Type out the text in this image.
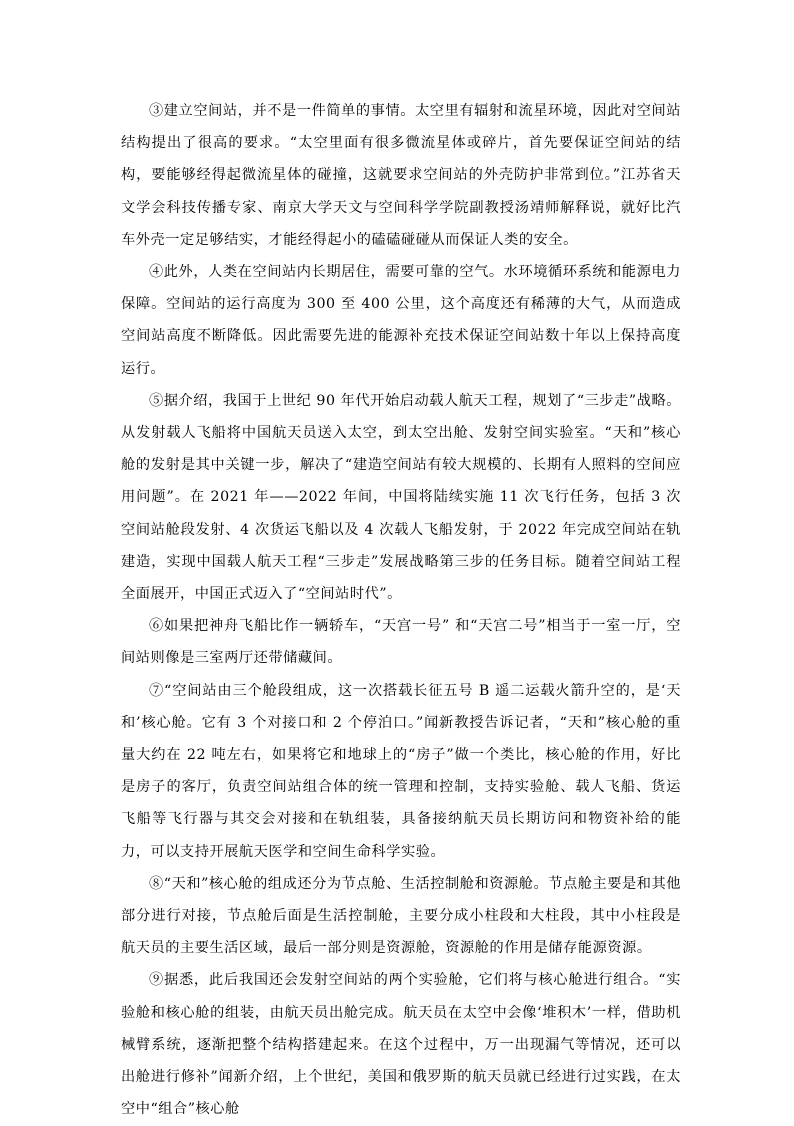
③建立空间站，并不是一件简单的事情。太空里有辐射和流星环境，因此对空间站结构提出了很高的要求。“太空里面有很多微流星体或碎片，首先要保证空间站的结构，要能够经得起微流星体的碰撞，这就要求空间站的外壳防护非常到位。”江苏省天文学会科技传播专家、南京大学天文与空间科学学院副教授汤靖师解释说，就好比汽车外壳一定足够结实，才能经得起小的磕磕碰碰从而保证人类的安全。

④此外，人类在空间站内长期居住，需要可靠的空气。水环境循环系统和能源电力保障。空间站的运行高度为 300 至 400 公里，这个高度还有稀薄的大气，从而造成空间站高度不断降低。因此需要先进的能源补充技术保证空间站数十年以上保持高度运行。

⑤据介绍，我国于上世纪 90 年代开始启动载人航天工程，规划了“三步走”战略。从发射载人飞船将中国航天员送入太空，到太空出舱、发射空间实验室。“天和”核心舱的发射是其中关键一步，解决了“建造空间站有较大规模的、长期有人照料的空间应用问题”。在 2021 年——2022 年间，中国将陆续实施 11 次飞行任务，包括 3 次空间站舱段发射、4 次货运飞船以及 4 次载人飞船发射，于 2022 年完成空间站在轨建造，实现中国载人航天工程“三步走”发展战略第三步的任务目标。随着空间站工程全面展开，中国正式迈入了“空间站时代”。

⑥如果把神舟飞船比作一辆轿车，“天宫一号” 和“天宫二号”相当于一室一厅，空间站则像是三室两厅还带储藏间。

⑦“空间站由三个舱段组成，这一次搭载长征五号 B 遥二运载火箭升空的，是‘天和’核心舱。它有 3 个对接口和 2 个停泊口。”闻新教授告诉记者，“天和”核心舱的重量大约在 22 吨左右，如果将它和地球上的“房子”做一个类比，核心舱的作用，好比是房子的客厅，负责空间站组合体的统一管理和控制，支持实验舱、载人飞船、货运飞船等飞行器与其交会对接和在轨组装，具备接纳航天员长期访问和物资补给的能力，可以支持开展航天医学和空间生命科学实验。

⑧“天和”核心舱的组成还分为节点舱、生活控制舱和资源舱。节点舱主要是和其他部分进行对接，节点舱后面是生活控制舱，主要分成小柱段和大柱段，其中小柱段是航天员的主要生活区域，最后一部分则是资源舱，资源舱的作用是储存能源资源。

⑨据悉，此后我国还会发射空间站的两个实验舱，它们将与核心舱进行组合。“实验舱和核心舱的组装，由航天员出舱完成。航天员在太空中会像‘堆积木’一样，借助机械臂系统，逐渐把整个结构搭建起来。在这个过程中，万一出现漏气等情况，还可以出舱进行修补”闻新介绍，上个世纪，美国和俄罗斯的航天员就已经进行过实践，在太空中“组合”核心舱
